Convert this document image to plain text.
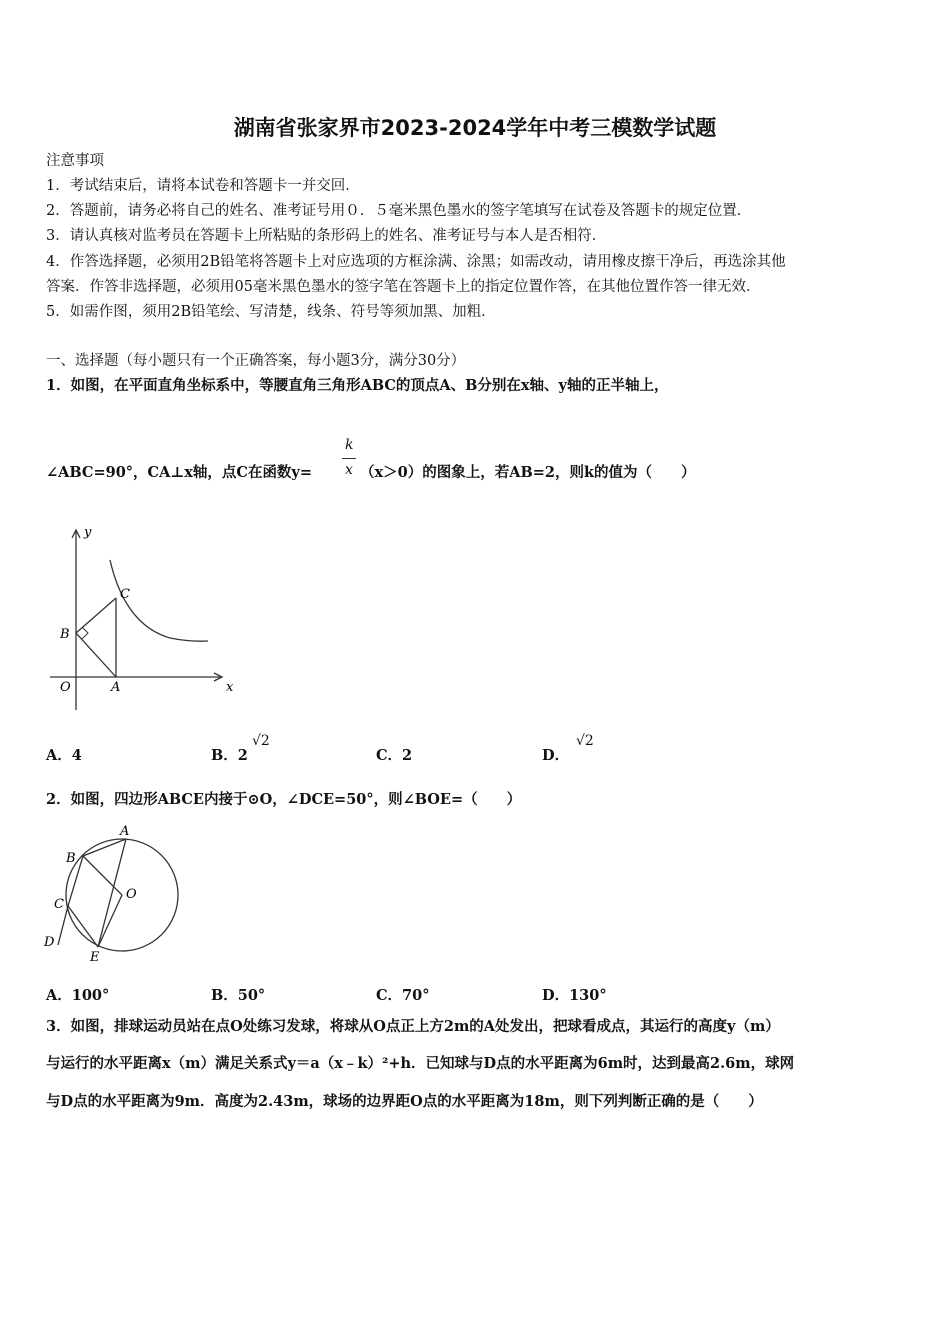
湖南省张家界市2023-2024学年中考三模数学试题
注意事项
1．考试结束后，请将本试卷和答题卡一并交回．
2．答题前，请务必将自己的姓名、准考证号用０．５毫米黑色墨水的签字笔填写在试卷及答题卡的规定位置．
3．请认真核对监考员在答题卡上所粘贴的条形码上的姓名、准考证号与本人是否相符．
4．作答选择题，必须用2B铅笔将答题卡上对应选项的方框涂满、涂黑；如需改动，请用橡皮擦干净后，再选涂其他
答案．作答非选择题，必须用05毫米黑色墨水的签字笔在答题卡上的指定位置作答，在其他位置作答一律无效．
5．如需作图，须用2B铅笔绘、写清楚，线条、符号等须加黑、加粗．
一、选择题（每小题只有一个正确答案，每小题3分，满分30分）
1．如图，在平面直角坐标系中，等腰直角三角形ABC的顶点A、B分别在x轴、y轴的正半轴上，
∠ABC=90°，CA⊥x轴，点C在函数y=
k
x （x＞0）的图象上，若AB=2，则k的值为（　　）
y
x
O	A
B
C
A．4	B．2
√2
C．2	D．
√2
2．如图，四边形ABCE内接于⊙O，∠DCE=50°，则∠BOE=（　　）
A
B
C
D
E
O
A．100°	B．50°	C．70°	D．130°
3．如图，排球运动员站在点O处练习发球，将球从O点正上方2m的A处发出，把球看成点，其运行的高度y（m）
与运行的水平距离x（m）满足关系式y＝a（x﹣k）²+h．已知球与D点的水平距离为6m时，达到最高2.6m，球网
与D点的水平距离为9m．高度为2.43m，球场的边界距O点的水平距离为18m，则下列判断正确的是（　　）
